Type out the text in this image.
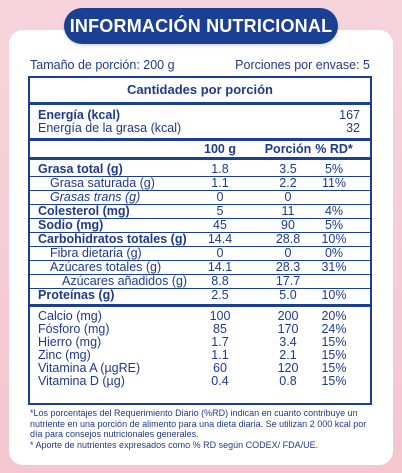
INFORMACIÓN NUTRICIONAL
Tamaño de porción: 200 g	Porciones por envase: 5
Cantidades por porción
Energía (kcal)	167
Energía de la grasa (kcal)	32
100 g	Porción % RD*
Grasa total (g)	1.8	3.5	5%
Grasa saturada (g)	1.1	2.2	11%
Grasas trans (g)	0	0
Colesterol (mg)	5	11	4%
Sodio (mg)	45	90	5%
Carbohidratos totales (g)	14.4	28.8	10%
Fibra dietaria (g)	0	0	0%
Azúcares totales (g)	14.1	28.3	31%
Azúcares añadidos (g)	8.8	17.7
Proteínas (g)	2.5	5.0	10%
Calcio (mg)	100	200	20%
Fósforo (mg)	85	170	24%
Hierro (mg)	1.7	3.4	15%
Zinc (mg)	1.1	2.1	15%
Vitamina A (µgRE)	60	120	15%
Vitamina D (µg)	0.4	0.8	15%
*Los porcentajes del Requerimiento Diario (%RD) indican en cuanto contribuye un nutriente en una porción de alimento para una dieta diaria. Se utilizan 2 000 kcal por día para consejos nutricionales generales.
* Aporte de nutrientes expresados como % RD según CODEX/ FDA/UE.
